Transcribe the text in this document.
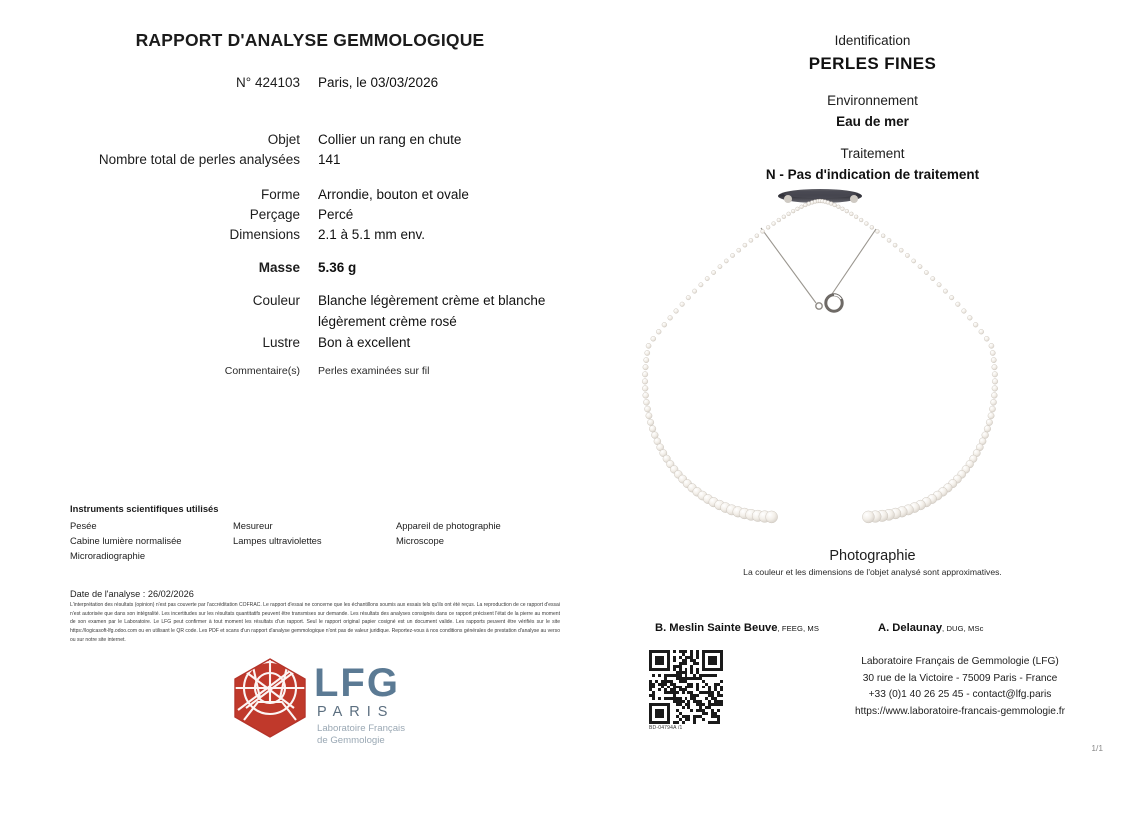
RAPPORT D'ANALYSE GEMMOLOGIQUE
N° 424103	Paris, le 03/03/2026
Objet	Collier un rang en chute
Nombre total de perles analysées	141
Forme	Arrondie, bouton et ovale
Perçage	Percé
Dimensions	2.1 à 5.1 mm env.
Masse	5.36 g
Couleur	Blanche légèrement crème et blanche
légèrement crème rosé
Lustre	Bon à excellent
Commentaire(s)	Perles examinées sur fil
Instruments scientifiques utilisés
Pesée
Cabine lumière normalisée
Microradiographie
Mesureur
Lampes ultraviolettes
Appareil de photographie
Microscope
Date de l'analyse : 26/02/2026
L'interprétation des résultats (opinion) n'est pas couverte par l'accréditation COFRAC. Le rapport d'essai ne concerne que les échantillons soumis aux essais tels qu'ils ont été reçus. La reproduction de ce rapport d'essai n'est autorisée que dans son intégralité. Les incertitudes sur les résultats quantitatifs peuvent être transmises sur demande. Les résultats des analyses consignés dans ce rapport précisent l'état de la pierre au moment de son examen par le Laboratoire. Le LFG peut confirmer à tout moment les résultats d'un rapport. Seul le rapport original papier cosigné est un document valide. Les rapports peuvent être vérifiés sur le site https://logicasoft-lfg.odoo.com ou en utilisant le QR code. Les PDF et scans d'un rapport d'analyse gemmologique n'ont pas de valeur juridique. Reportez-vous à nos conditions générales de prestation d'analyse au verso ou sur notre site internet.
LFG
PARIS
Laboratoire Français
de Gemmologie
Identification
PERLES FINES
Environnement
Eau de mer
Traitement
N - Pas d'indication de traitement
Photographie
La couleur et les dimensions de l'objet analysé sont approximatives.
B. Meslin Sainte Beuve, FEEG, MS	A. Delaunay, DUG, MSc
BD-04794A /1
Laboratoire Français de Gemmologie (LFG)
30 rue de la Victoire - 75009 Paris - France
+33 (0)1 40 26 25 45 - contact@lfg.paris
https://www.laboratoire-francais-gemmologie.fr
1/1
